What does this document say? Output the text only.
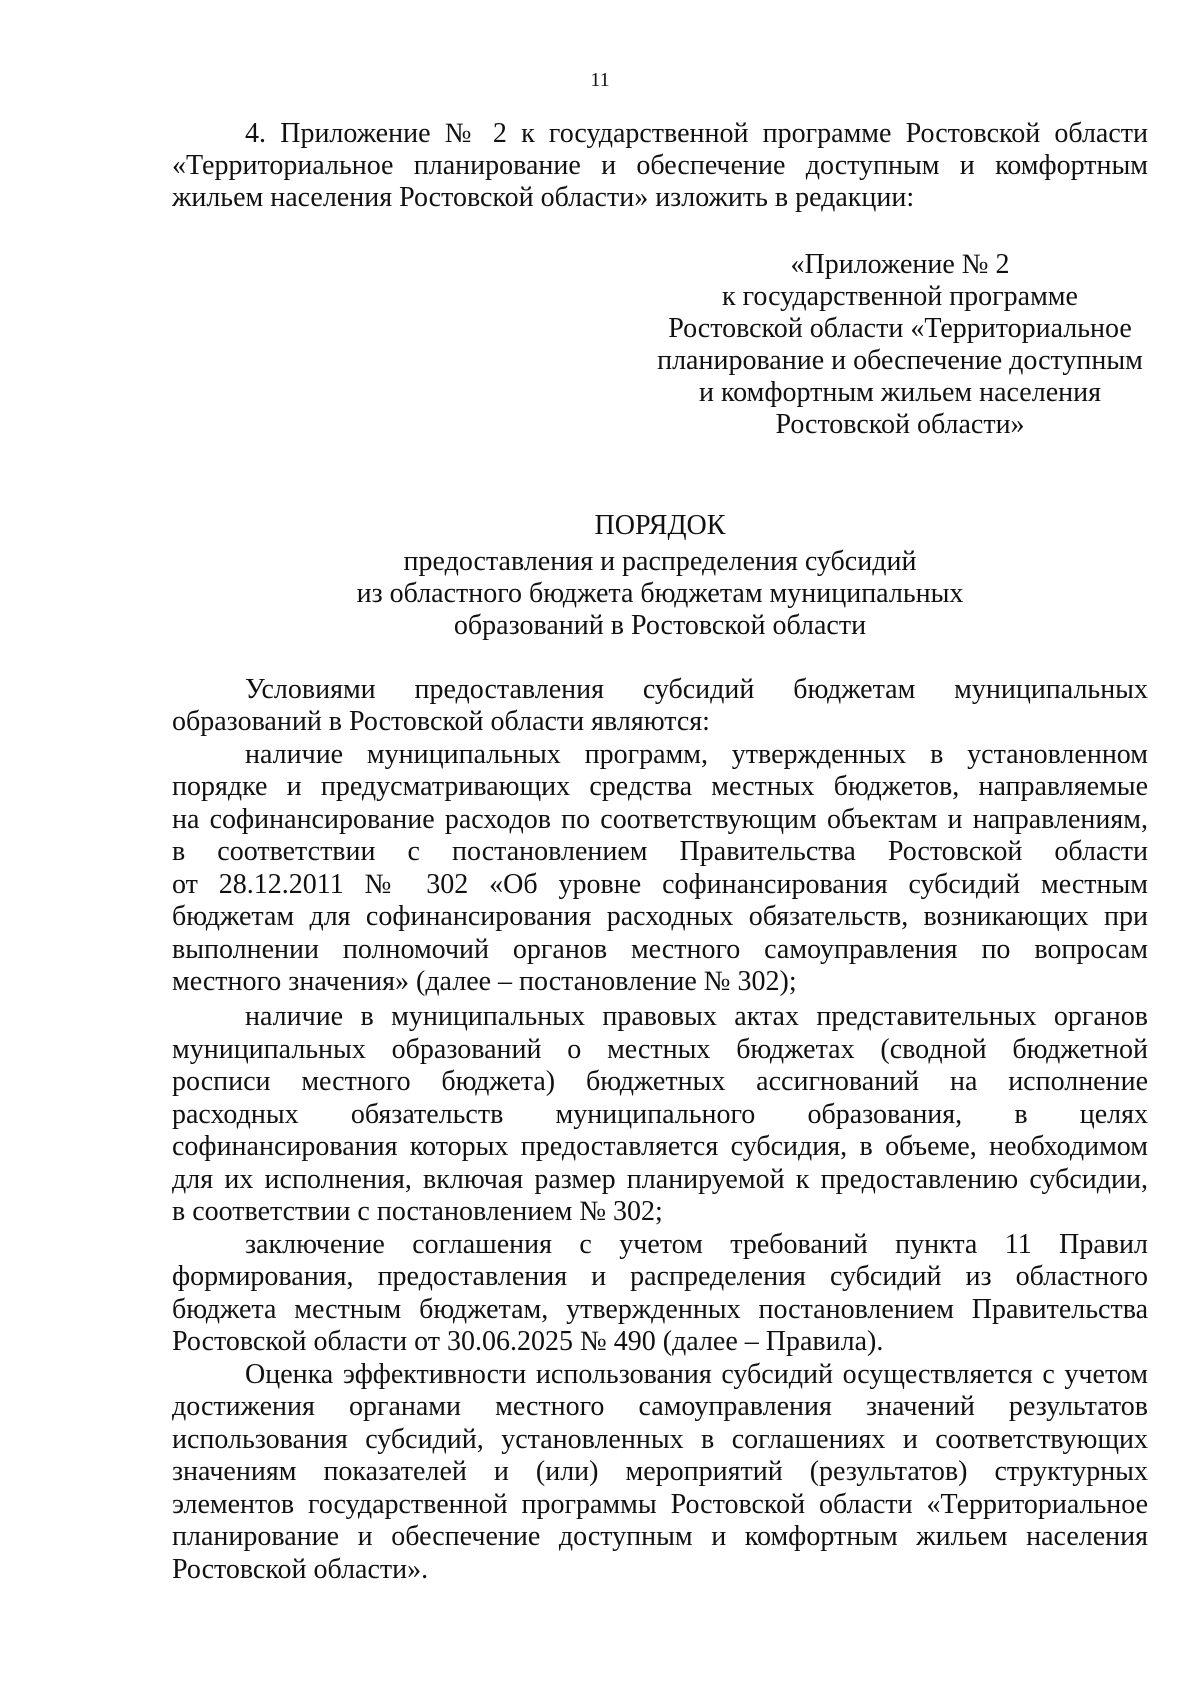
11
4. Приложение № 2 к государственной программе Ростовской области
«Территориальное планирование и обеспечение доступным и комфортным
жильем населения Ростовской области» изложить в редакции:
«Приложение № 2
к государственной программе
Ростовской области «Территориальное
планирование и обеспечение доступным
и комфортным жильем населения
Ростовской области»
ПОРЯДОК
предоставления и распределения субсидий
из областного бюджета бюджетам муниципальных
образований в Ростовской области
Условиями предоставления субсидий бюджетам муниципальных
образований в Ростовской области являются:
наличие муниципальных программ, утвержденных в установленном
порядке и предусматривающих средства местных бюджетов, направляемые
на софинансирование расходов по соответствующим объектам и направлениям,
в соответствии с постановлением Правительства Ростовской области
от 28.12.2011 № 302 «Об уровне софинансирования субсидий местным
бюджетам для софинансирования расходных обязательств, возникающих при
выполнении полномочий органов местного самоуправления по вопросам
местного значения» (далее – постановление № 302);
наличие в муниципальных правовых актах представительных органов
муниципальных образований о местных бюджетах (сводной бюджетной
росписи местного бюджета) бюджетных ассигнований на исполнение
расходных обязательств муниципального образования, в целях
софинансирования которых предоставляется субсидия, в объеме, необходимом
для их исполнения, включая размер планируемой к предоставлению субсидии,
в соответствии с постановлением № 302;
заключение соглашения с учетом требований пункта 11 Правил
формирования, предоставления и распределения субсидий из областного
бюджета местным бюджетам, утвержденных постановлением Правительства
Ростовской области от 30.06.2025 № 490 (далее – Правила).
Оценка эффективности использования субсидий осуществляется с учетом
достижения органами местного самоуправления значений результатов
использования субсидий, установленных в соглашениях и соответствующих
значениям показателей и (или) мероприятий (результатов) структурных
элементов государственной программы Ростовской области «Территориальное
планирование и обеспечение доступным и комфортным жильем населения
Ростовской области».
